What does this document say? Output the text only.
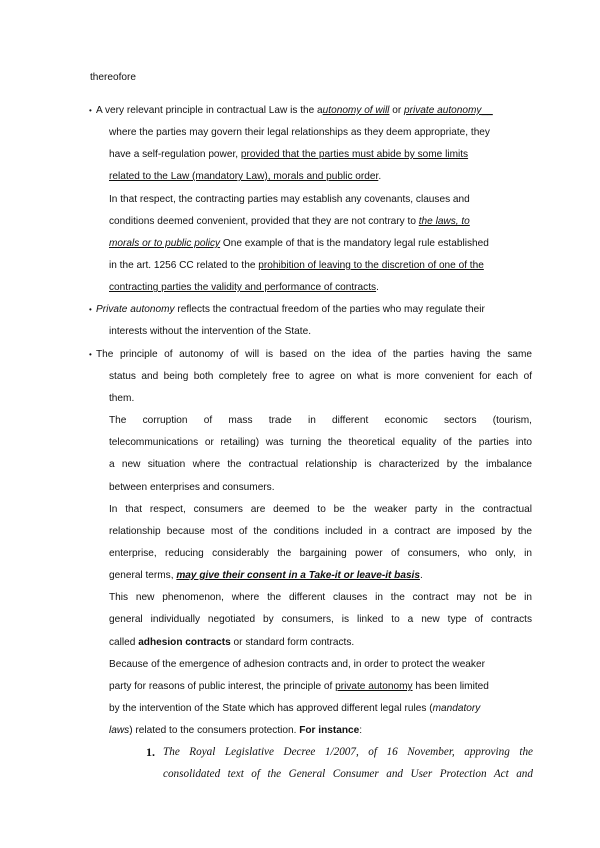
thereofore
• A very relevant principle in contractual Law is the autonomy of will or private autonomy__
where the parties may govern their legal relationships as they deem appropriate, they
have a self-regulation power, provided that the parties must abide by some limits
related to the Law (mandatory Law), morals and public order.
In that respect, the contracting parties may establish any covenants, clauses and
conditions deemed convenient, provided that they are not contrary to the laws, to
morals or to public policy One example of that is the mandatory legal rule established
in the art. 1256 CC related to the prohibition of leaving to the discretion of one of the
contracting parties the validity and performance of contracts.
• Private autonomy reflects the contractual freedom of the parties who may regulate their
interests without the intervention of the State.
• The principle of autonomy of will is based on the idea of the parties having the same
status and being both completely free to agree on what is more convenient for each of
them.
The corruption of mass trade in different economic sectors (tourism,
telecommunications or retailing) was turning the theoretical equality of the parties into
a new situation where the contractual relationship is characterized by the imbalance
between enterprises and consumers.
In that respect, consumers are deemed to be the weaker party in the contractual
relationship because most of the conditions included in a contract are imposed by the
enterprise, reducing considerably the bargaining power of consumers, who only, in
general terms, may give their consent in a Take-it or leave-it basis.
This new phenomenon, where the different clauses in the contract may not be in
general individually negotiated by consumers, is linked to a new type of contracts
called adhesion contracts or standard form contracts.
Because of the emergence of adhesion contracts and, in order to protect the weaker
party for reasons of public interest, the principle of private autonomy has been limited
by the intervention of the State which has approved different legal rules (mandatory
laws) related to the consumers protection. For instance:
1. The Royal Legislative Decree 1/2007, of 16 November, approving the
consolidated text of the General Consumer and User Protection Act and
